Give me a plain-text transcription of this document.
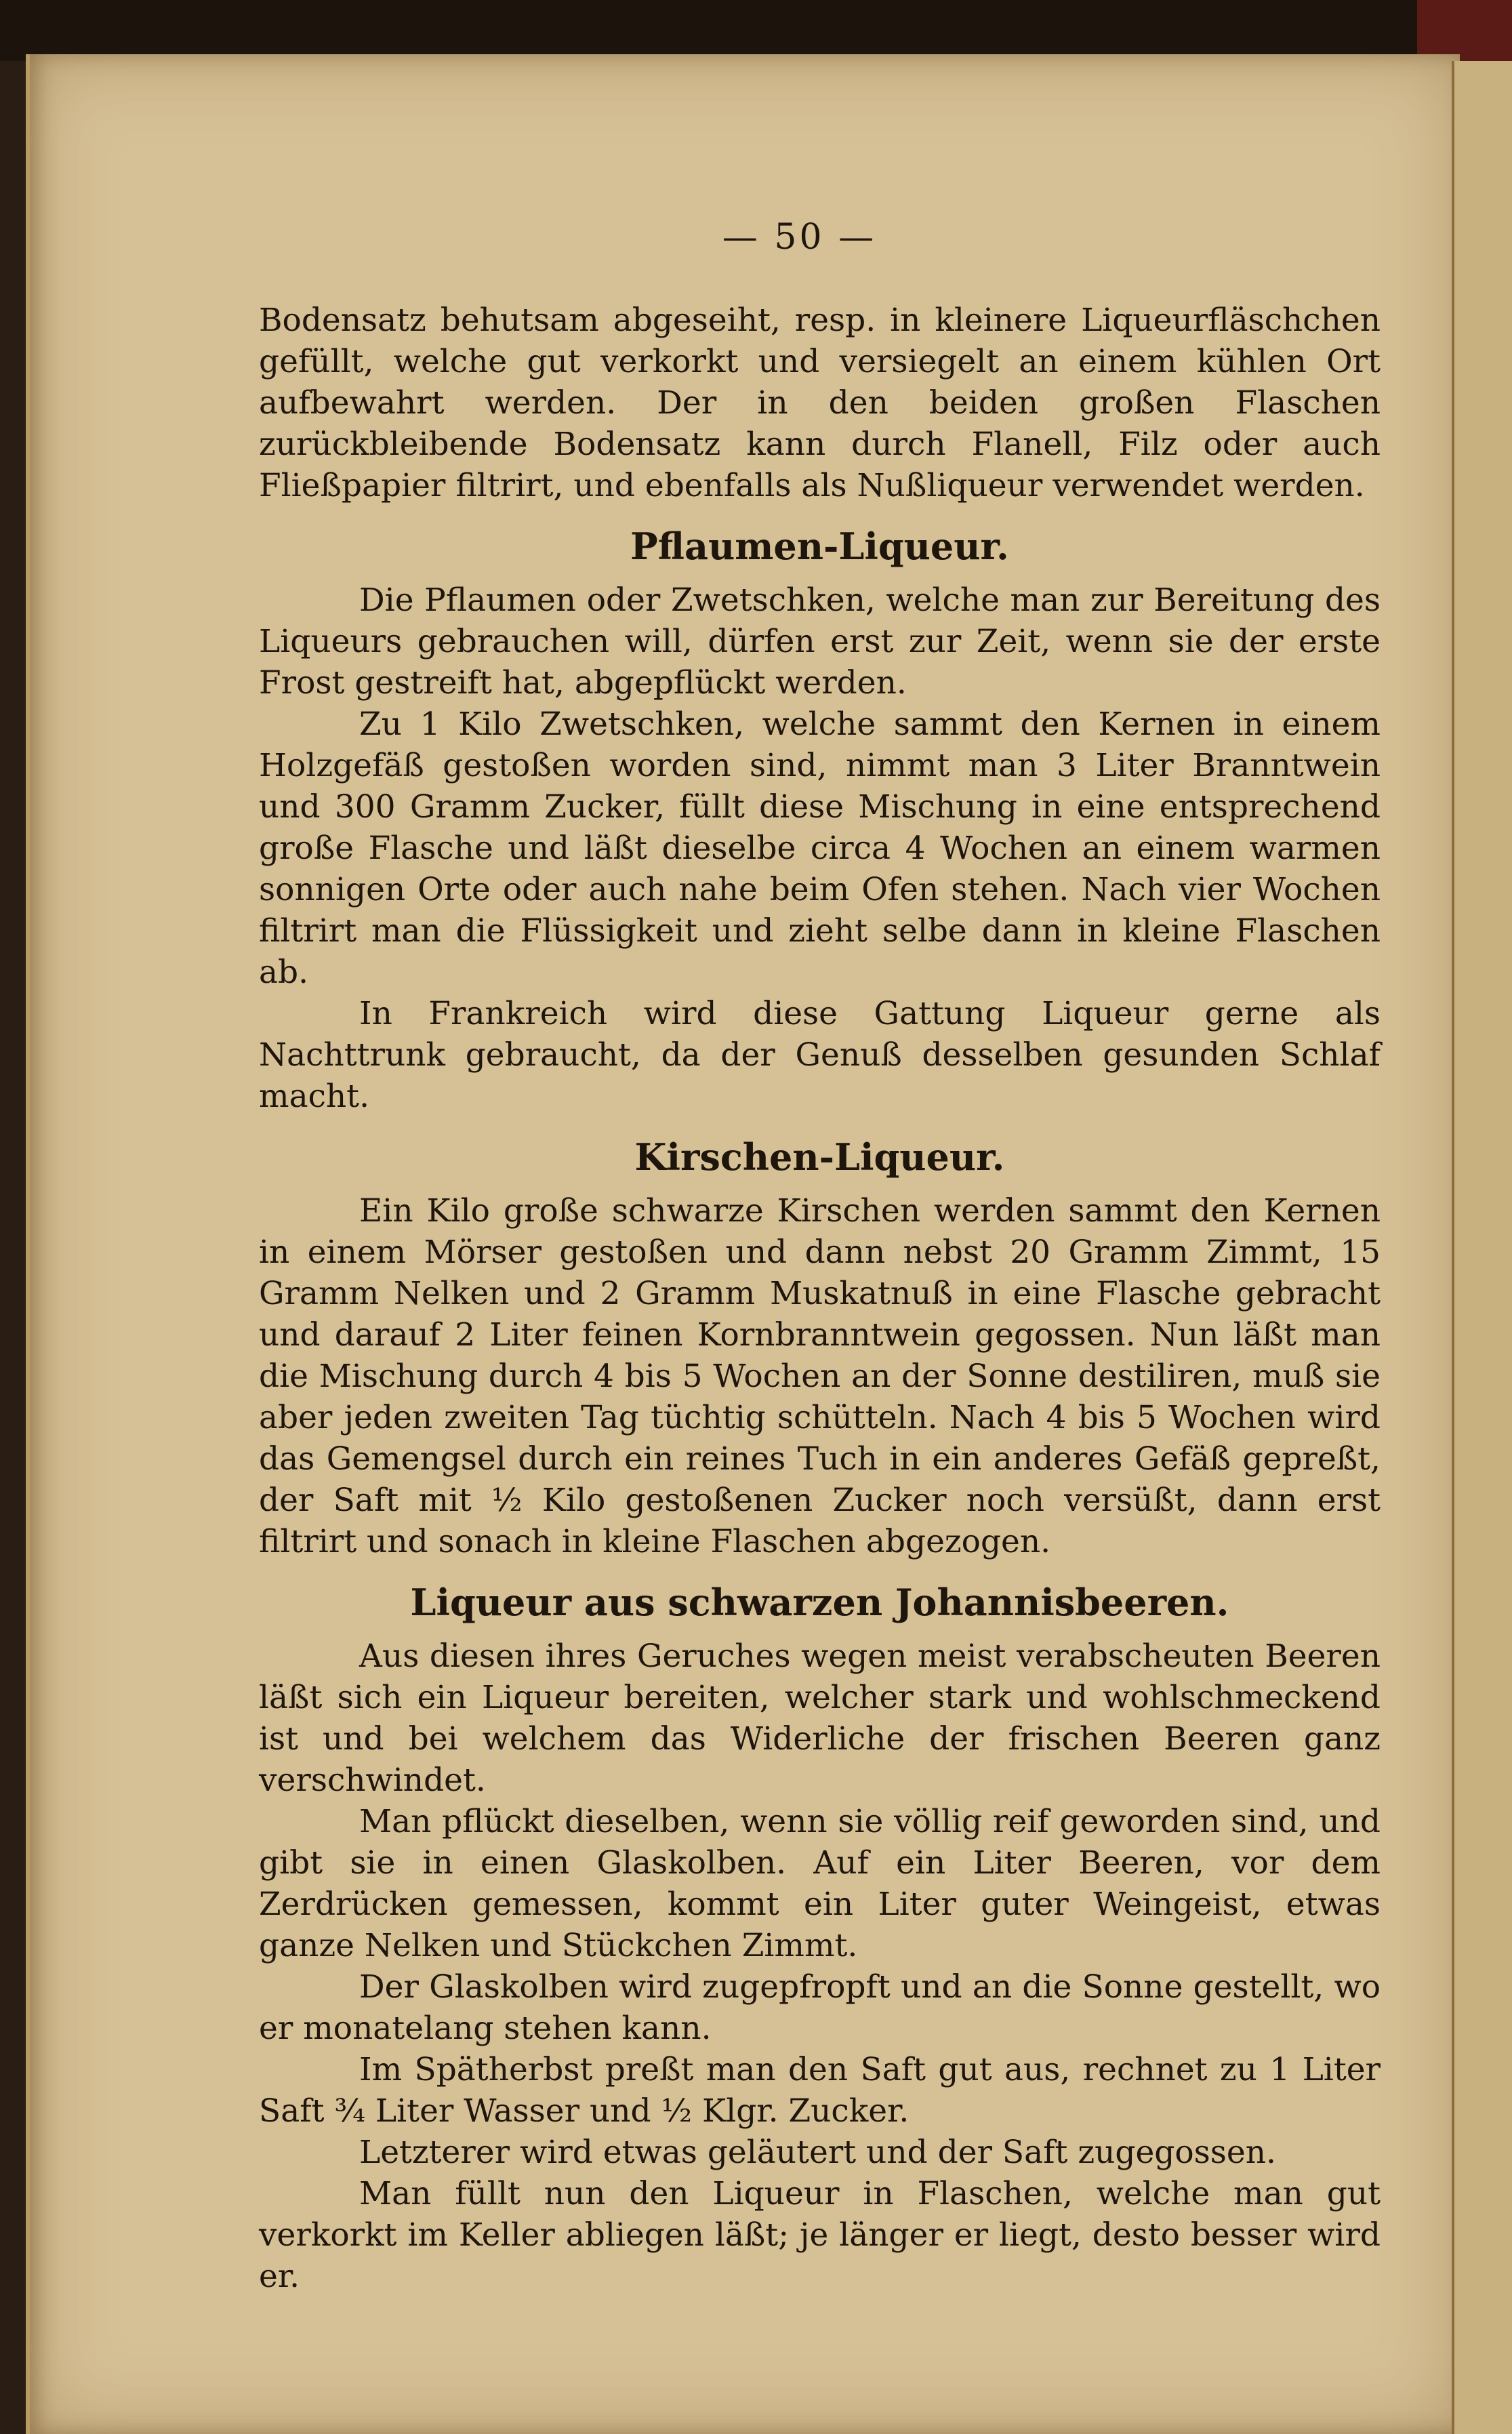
— 50 —

Bodensatz behutsam abgeseiht, resp. in kleinere Liqueurfläschchen gefüllt, welche gut verkorkt und versiegelt an einem kühlen Ort aufbewahrt werden. Der in den beiden großen Flaschen zurückbleibende Bodensatz kann durch Flanell, Filz oder auch Fließpapier filtrirt, und ebenfalls als Nußliqueur verwendet werden.

Pflaumen-Liqueur.

Die Pflaumen oder Zwetschken, welche man zur Bereitung des Liqueurs gebrauchen will, dürfen erst zur Zeit, wenn sie der erste Frost gestreift hat, abgepflückt werden.

Zu 1 Kilo Zwetschken, welche sammt den Kernen in einem Holzgefäß gestoßen worden sind, nimmt man 3 Liter Branntwein und 300 Gramm Zucker, füllt diese Mischung in eine entsprechend große Flasche und läßt dieselbe circa 4 Wochen an einem warmen sonnigen Orte oder auch nahe beim Ofen stehen. Nach vier Wochen filtrirt man die Flüssigkeit und zieht selbe dann in kleine Flaschen ab.

In Frankreich wird diese Gattung Liqueur gerne als Nachttrunk gebraucht, da der Genuß desselben gesunden Schlaf macht.

Kirschen-Liqueur.

Ein Kilo große schwarze Kirschen werden sammt den Kernen in einem Mörser gestoßen und dann nebst 20 Gramm Zimmt, 15 Gramm Nelken und 2 Gramm Muskatnuß in eine Flasche gebracht und darauf 2 Liter feinen Kornbranntwein gegossen. Nun läßt man die Mischung durch 4 bis 5 Wochen an der Sonne destiliren, muß sie aber jeden zweiten Tag tüchtig schütteln. Nach 4 bis 5 Wochen wird das Gemengsel durch ein reines Tuch in ein anderes Gefäß gepreßt, der Saft mit ½ Kilo gestoßenen Zucker noch versüßt, dann erst filtrirt und sonach in kleine Flaschen abgezogen.

Liqueur aus schwarzen Johannisbeeren.

Aus diesen ihres Geruches wegen meist verabscheuten Beeren läßt sich ein Liqueur bereiten, welcher stark und wohlschmeckend ist und bei welchem das Widerliche der frischen Beeren ganz verschwindet.

Man pflückt dieselben, wenn sie völlig reif geworden sind, und gibt sie in einen Glaskolben. Auf ein Liter Beeren, vor dem Zerdrücken gemessen, kommt ein Liter guter Weingeist, etwas ganze Nelken und Stückchen Zimmt.

Der Glaskolben wird zugepfropft und an die Sonne gestellt, wo er monatelang stehen kann.

Im Spätherbst preßt man den Saft gut aus, rechnet zu 1 Liter Saft ¾ Liter Wasser und ½ Klgr. Zucker.

Letzterer wird etwas geläutert und der Saft zugegossen.

Man füllt nun den Liqueur in Flaschen, welche man gut verkorkt im Keller abliegen läßt; je länger er liegt, desto besser wird er.
